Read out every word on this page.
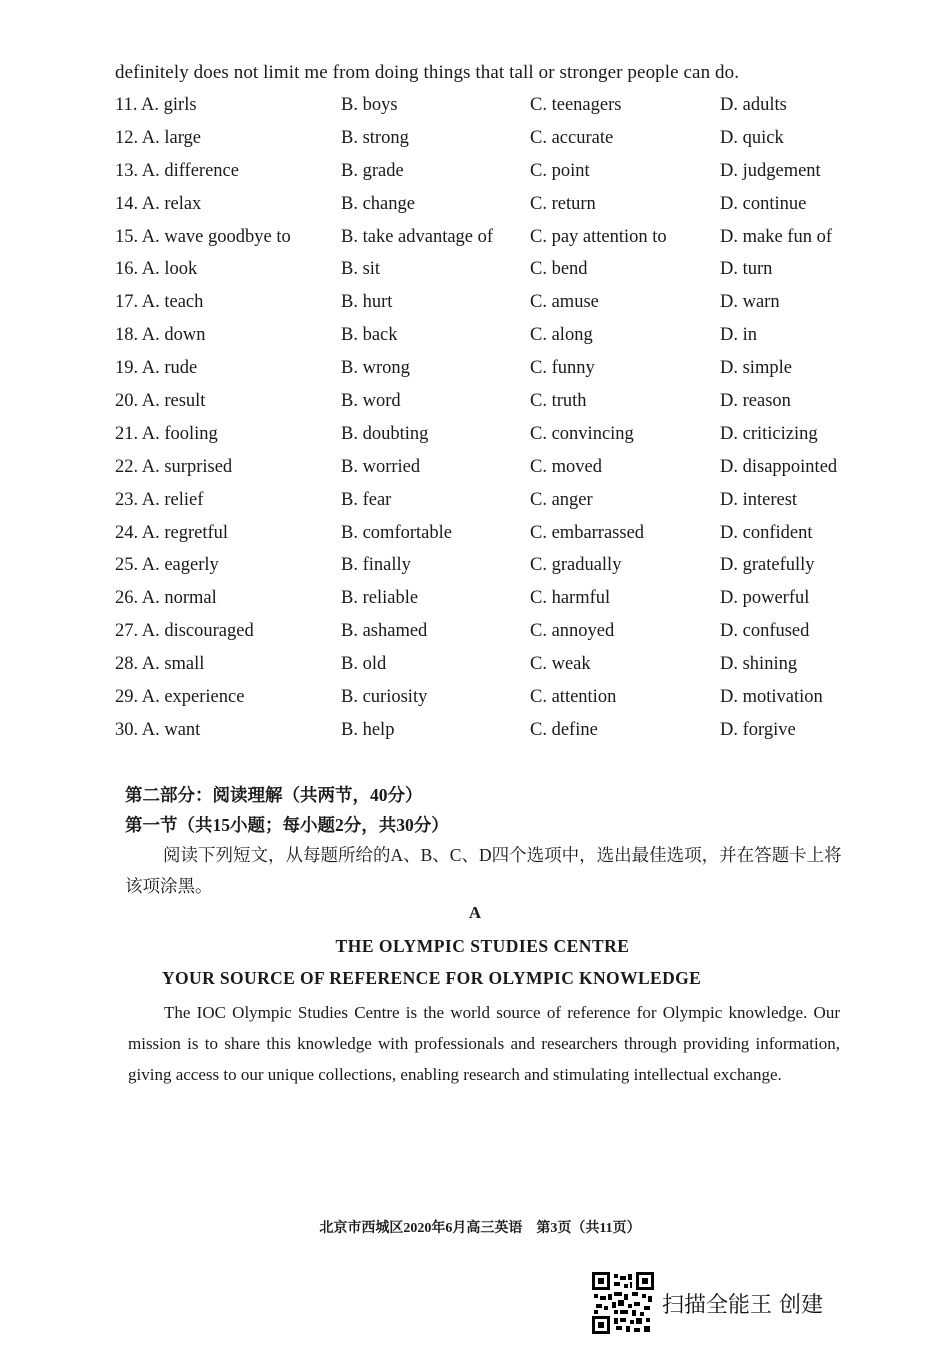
definitely does not limit me from doing things that tall or stronger people can do.
11. A. girls	B. boys	C. teenagers	D. adults
12. A. large	B. strong	C. accurate	D. quick
13. A. difference	B. grade	C. point	D. judgement
14. A. relax	B. change	C. return	D. continue
15. A. wave goodbye to	B. take advantage of C. pay attention to	D. make fun of
16. A. look	B. sit	C. bend	D. turn
17. A. teach	B. hurt	C. amuse	D. warn
18. A. down	B. back	C. along	D. in
19. A. rude	B. wrong	C. funny	D. simple
20. A. result	B. word	C. truth	D. reason
21. A. fooling	B. doubting	C. convincing	D. criticizing
22. A. surprised	B. worried	C. moved	D. disappointed
23. A. relief	B. fear	C. anger	D. interest
24. A. regretful	B. comfortable	C. embarrassed	D. confident
25. A. eagerly	B. finally	C. gradually	D. gratefully
26. A. normal	B. reliable	C. harmful	D. powerful
27. A. discouraged	B. ashamed	C. annoyed	D. confused
28. A. small	B. old	C. weak	D. shining
29. A. experience	B. curiosity	C. attention	D. motivation
30. A. want	B. help	C. define	D. forgive
第二部分：阅读理解（共两节，40分）
第一节（共15小题；每小题2分，共30分）
阅读下列短文，从每题所给的A、B、C、D四个选项中，选出最佳选项，并在答题卡上将该项涂黑。
A
THE OLYMPIC STUDIES CENTRE
YOUR SOURCE OF REFERENCE FOR OLYMPIC KNOWLEDGE
The IOC Olympic Studies Centre is the world source of reference for Olympic knowledge. Our mission is to share this knowledge with professionals and researchers through providing information, giving access to our unique collections, enabling research and stimulating intellectual exchange.
北京市西城区2020年6月高三英语　第3页（共11页）
扫描全能王 创建
